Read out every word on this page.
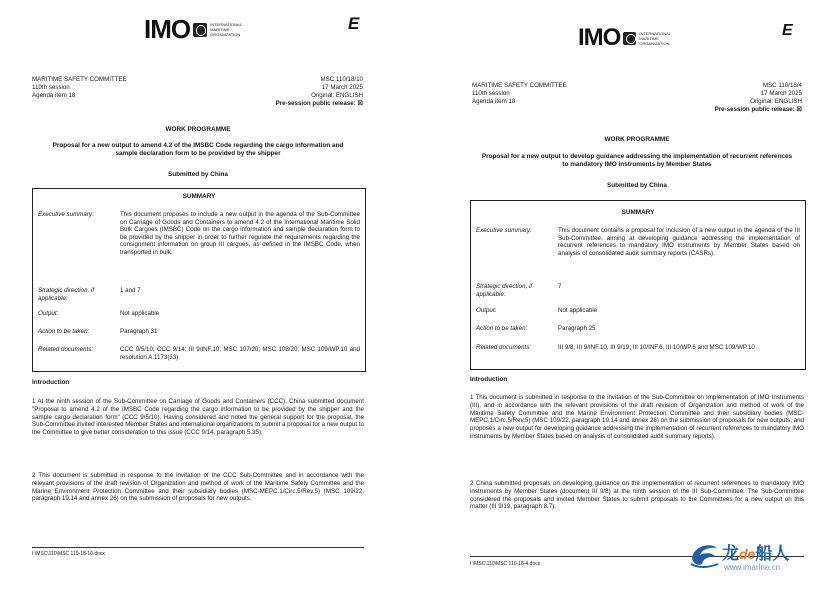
IMO	INTERNATIONAL
MARITIME
ORGANIZATION
E
MARITIME SAFETY COMMITTEE
110th session
Agenda item 18
MSC 110/18/10
17 March 2025
Original: ENGLISH
Pre-session public release: ☒
WORK PROGRAMME
Proposal for a new output to amend 4.2 of the IMSBC Code regarding the cargo information and sample declaration form to be provided by the shipper
Submitted by China
SUMMARY
Executive summary:	This document proposes to include a new output in the agenda of the Sub-Committee on Carriage of Goods and Containers to amend 4.2 of the International Maritime Solid Bulk Cargoes (IMSBC) Code on the cargo information and sample declaration form to be provided by the shipper in order to further regulate the requirements regarding the consignment information on group III cargoes, as defined in the IMSBC Code, when transported in bulk.
Strategic direction, if applicable:
1 and 7
Output:	Not applicable
Action to be taken:	Paragraph 31
Related documents:	CCC 9/5/10, CCC 9/14; III 9/INF.10; MSC 107/20; MSC 108/20; MSC 109/WP.10 and resolution A.1173(33)
Introduction
1 At the ninth session of the Sub-Committee on Carriage of Goods and Containers (CCC), China submitted document "Proposal to amend 4.2 of the IMSBC Code regarding the cargo information to be provided by the shipper and the sample cargo declaration form" (CCC 9/5/10). Having considered and noted the general support for the proposal, the Sub-Committee invited interested Member States and international organizations to submit a proposal for a new output to the Committee to give better consideration to this issue (CCC 9/14, paragraph 5.35).
2 This document is submitted in response to the invitation of the CCC Sub-Committee and in accordance with the relevant provisions of the draft revision of Organization and method of work of the Maritime Safety Committee and the Marine Environment Protection Committee and their subsidiary bodies (MSC-MEPC.1/Circ.5/Rev.5) (MSC 109/22, paragraph 19.14 and annex 26) on the submission of proposals for new outputs.
I:\MSC\110\MSC 110-18-10.docx
IMO	INTERNATIONAL
MARITIME
ORGANIZATION
E
MARITIME SAFETY COMMITTEE
110th session
Agenda item 18
MSC 110/18/4
17 March 2025
Original: ENGLISH
Pre-session public release: ☒
WORK PROGRAMME
Proposal for a new output to develop guidance addressing the implementation of recurrent references to mandatory IMO instruments by Member States
Submitted by China
SUMMARY
Executive summary:	This document contains a proposal for inclusion of a new output in the agenda of the III Sub-Committee, aiming at developing guidance addressing the implementation of recurrent references to mandatory IMO instruments by Member States based on analysis of consolidated audit summary reports (CASRs).
Strategic direction, if applicable:
7
Output:	Not applicable
Action to be taken:	Paragraph 25
Related documents:	III 9/8, III 9/INF.10, III 9/19; III 10/INF.6, III 10/WP.6 and MSC 109/WP.10
Introduction
1 This document is submitted in response to the invitation of the Sub-Committee on Implementation of IMO Instruments (III), and in accordance with the relevant provisions of the draft revision of Organization and method of work of the Maritime Safety Committee and the Marine Environment Protection Committee and their subsidiary bodies (MSC-MEPC.1/Circ.5/Rev.5) (MSC 109/22, paragraph 19.14 and annex 26) on the submission of proposals for new outputs, and proposes a new output for developing guidance addressing the implementation of recurrent references to mandatory IMO instruments by Member States based on analysis of consolidated audit summary reports).
2 China submitted proposals on developing guidance on the implementation of recurrent references to mandatory IMO instruments by Member States (document III 9/8) at the ninth session of the III Sub-Committee. The Sub-Committee considered the proposals and invited Member States to submit proposals to the Committees for a new output on this matter (III 9/19, paragraph 8.7).
I:\MSC\110\MSC 110-18-4.docx
龙de船人
www.imarine.cn
